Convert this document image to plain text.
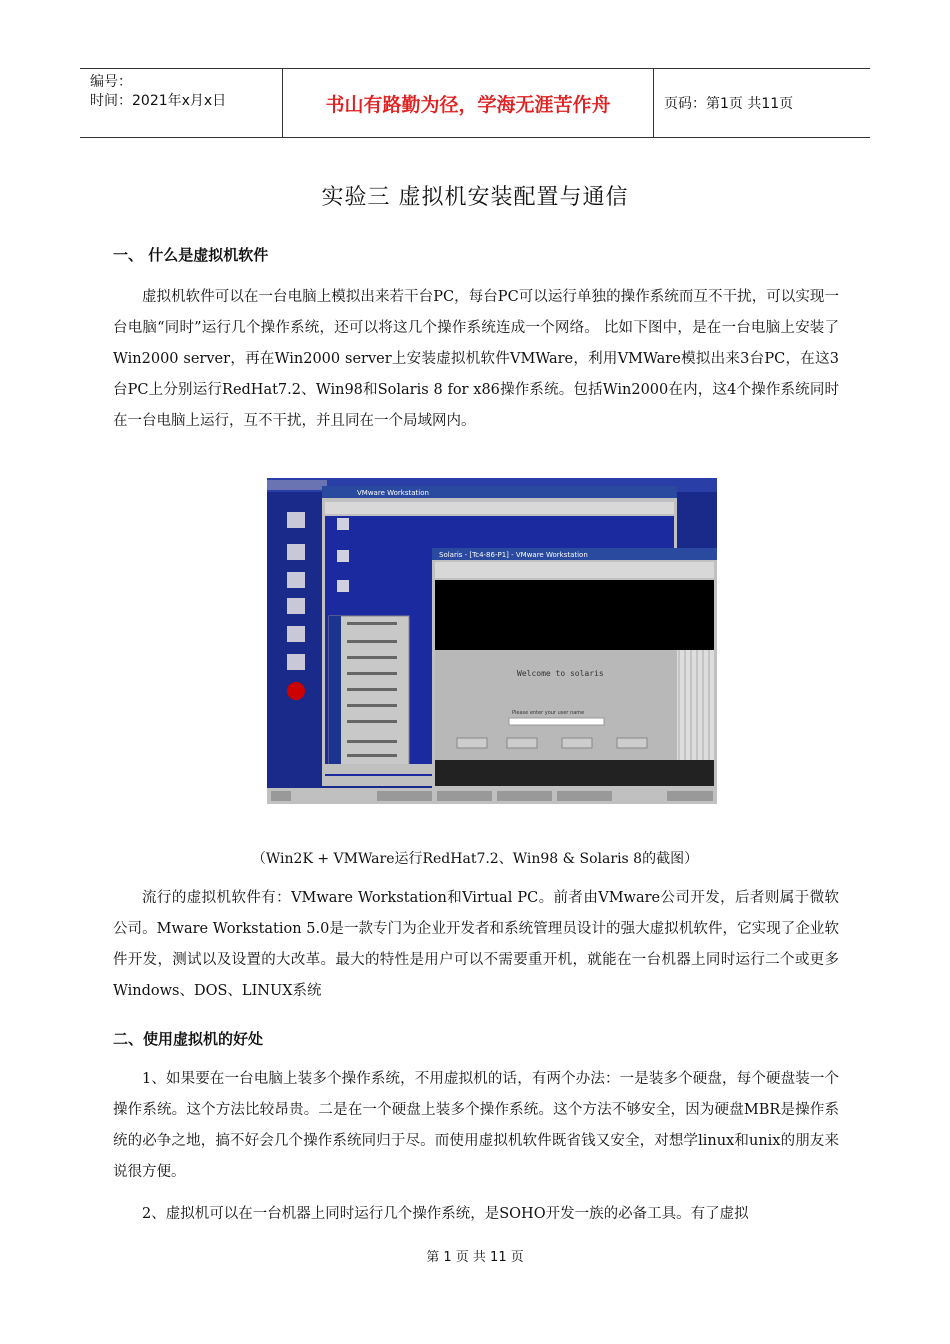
编号：
时间：2021年x月x日	书山有路勤为径，学海无涯苦作舟	页码：第1页 共11页
实验三 虚拟机安装配置与通信
一、 什么是虚拟机软件

虚拟机软件可以在一台电脑上模拟出来若干台PC，每台PC可以运行单独的操作系统而互不干扰，可以实现一台电脑“同时”运行几个操作系统，还可以将这几个操作系统连成一个网络。 比如下图中，是在一台电脑上安装了Win2000 server，再在Win2000 server上安装虚拟机软件VMWare，利用VMWare模拟出来3台PC，在这3台PC上分别运行RedHat7.2、Win98和Solaris 8 for x86操作系统。包括Win2000在内，这4个操作系统同时在一台电脑上运行，互不干扰，并且同在一个局域网内。

VMware Workstation
Solaris - [Tc4-86-P1] - VMware Workstation
Welcome to solaris
Please enter your user name
（Win2K + VMWare运行RedHat7.2、Win98 & Solaris 8的截图）

流行的虚拟机软件有：VMware Workstation和Virtual PC。前者由VMware公司开发，后者则属于微软公司。Mware Workstation 5.0是一款专门为企业开发者和系统管理员设计的强大虚拟机软件，它实现了企业软件开发，测试以及设置的大改革。最大的特性是用户可以不需要重开机，就能在一台机器上同时运行二个或更多Windows、DOS、LINUX系统

二、使用虚拟机的好处

1、如果要在一台电脑上装多个操作系统，不用虚拟机的话，有两个办法：一是装多个硬盘，每个硬盘装一个操作系统。这个方法比较昂贵。二是在一个硬盘上装多个操作系统。这个方法不够安全，因为硬盘MBR是操作系统的必争之地，搞不好会几个操作系统同归于尽。而使用虚拟机软件既省钱又安全，对想学linux和unix的朋友来说很方便。

2、虚拟机可以在一台机器上同时运行几个操作系统，是SOHO开发一族的必备工具。有了虚拟

第 1 页 共 11 页
